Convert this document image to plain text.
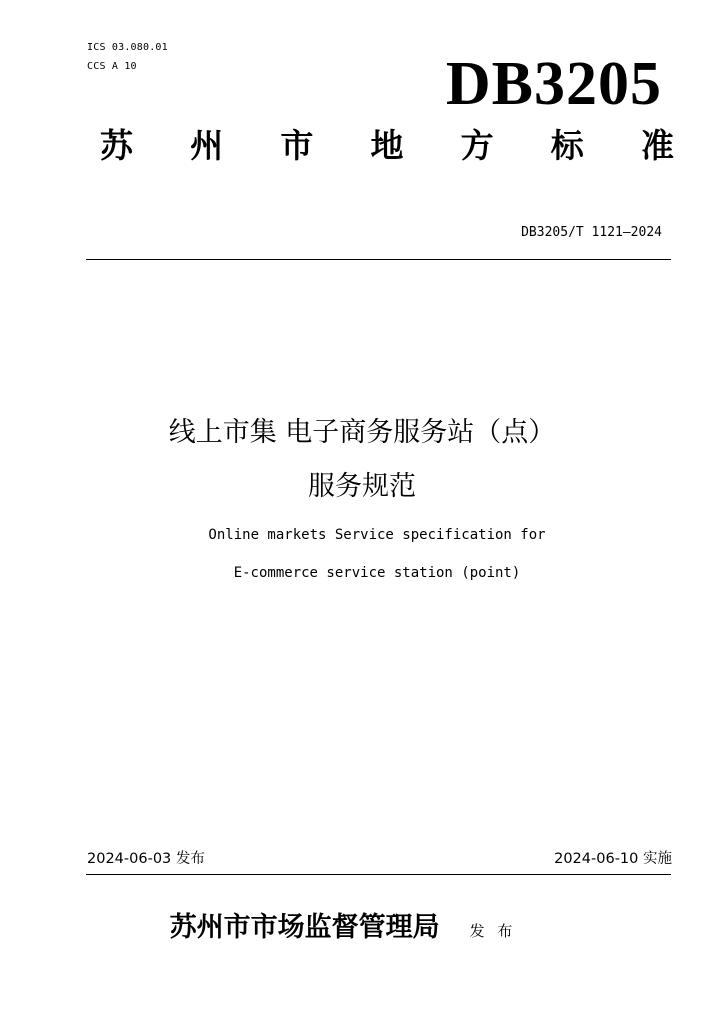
ICS 03.080.01
CCS A 10	DB3205
苏 州 市 地 方 标 准
DB3205/T 1121—2024
线上市集 电子商务服务站（点）
服务规范
Online markets Service specification for
E-commerce service station (point)
2024-06-03 发布	2024-06-10 实施
苏州市市场监督管理局 发 布
